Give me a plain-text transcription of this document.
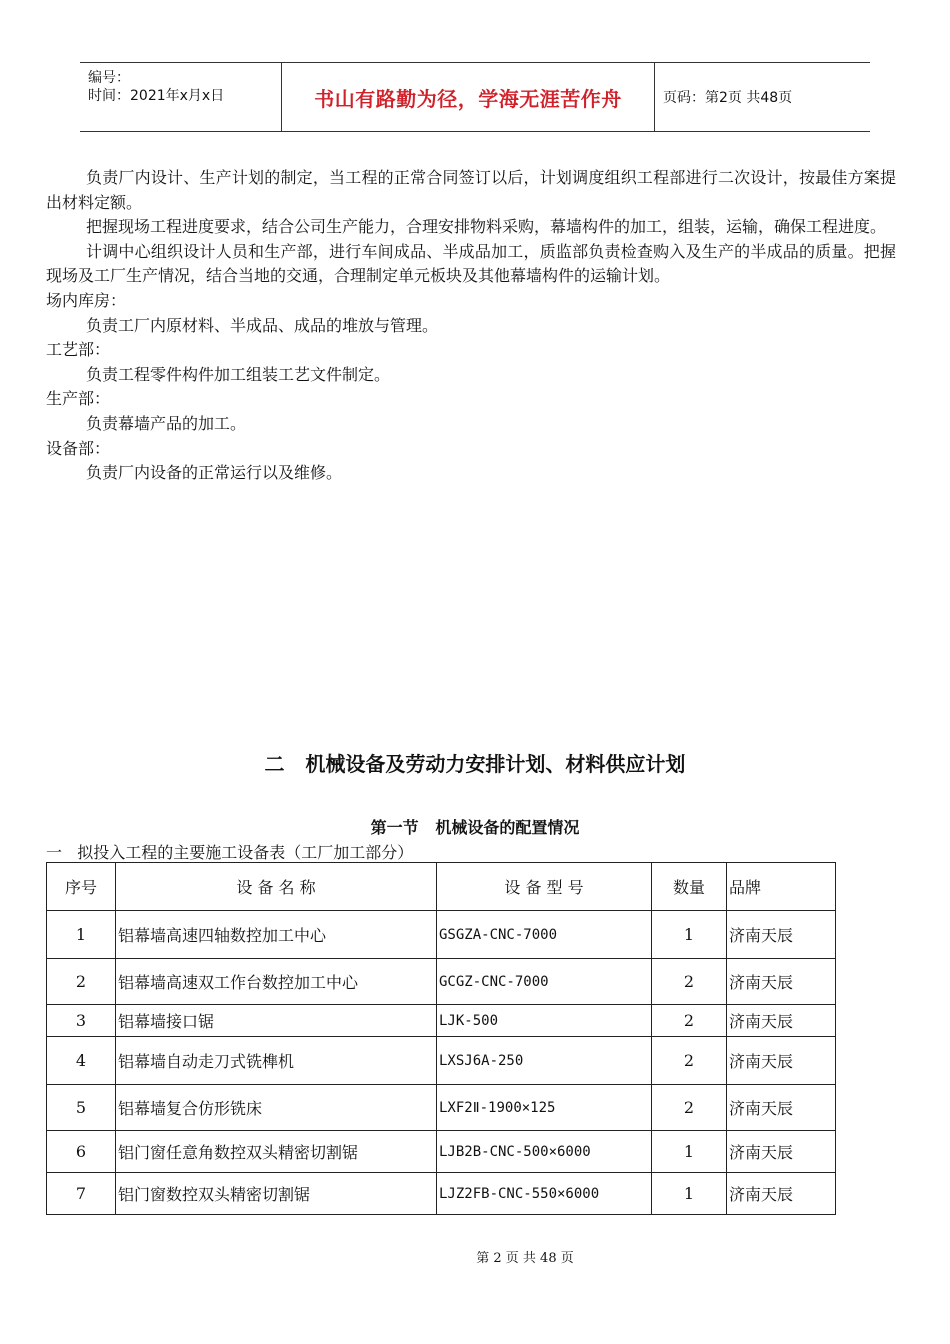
编号：
时间：2021年x月x日	书山有路勤为径，学海无涯苦作舟	页码：第2页 共48页

负责厂内设计、生产计划的制定，当工程的正常合同签订以后，计划调度组织工程部进行二次设计，按最佳方案提出材料定额。

把握现场工程进度要求，结合公司生产能力，合理安排物料采购，幕墙构件的加工，组装，运输，确保工程进度。

计调中心组织设计人员和生产部，进行车间成品、半成品加工，质监部负责检查购入及生产的半成品的质量。把握现场及工厂生产情况，结合当地的交通，合理制定单元板块及其他幕墙构件的运输计划。

场内库房：

负责工厂内原材料、半成品、成品的堆放与管理。

工艺部：

负责工程零件构件加工组装工艺文件制定。

生产部：

负责幕墙产品的加工。

设备部：

负责厂内设备的正常运行以及维修。

二   机械设备及劳动力安排计划、材料供应计划
第一节   机械设备的配置情况
一   拟投入工程的主要施工设备表（工厂加工部分）
序号	设 备 名 称	设 备 型 号	数量	品牌
1	铝幕墙高速四轴数控加工中心	GSGZA-CNC-7000	1	济南天辰
2	铝幕墙高速双工作台数控加工中心	GCGZ-CNC-7000	2	济南天辰
3	铝幕墙接口锯	LJK-500	2	济南天辰
4	铝幕墙自动走刀式铣榫机	LXSJ6A-250	2	济南天辰
5	铝幕墙复合仿形铣床	LXF2Ⅱ-1900×125	2	济南天辰
6	铝门窗任意角数控双头精密切割锯	LJB2B-CNC-500×6000	1	济南天辰
7	铝门窗数控双头精密切割锯	LJZ2FB-CNC-550×6000	1	济南天辰
第 2 页 共 48 页
